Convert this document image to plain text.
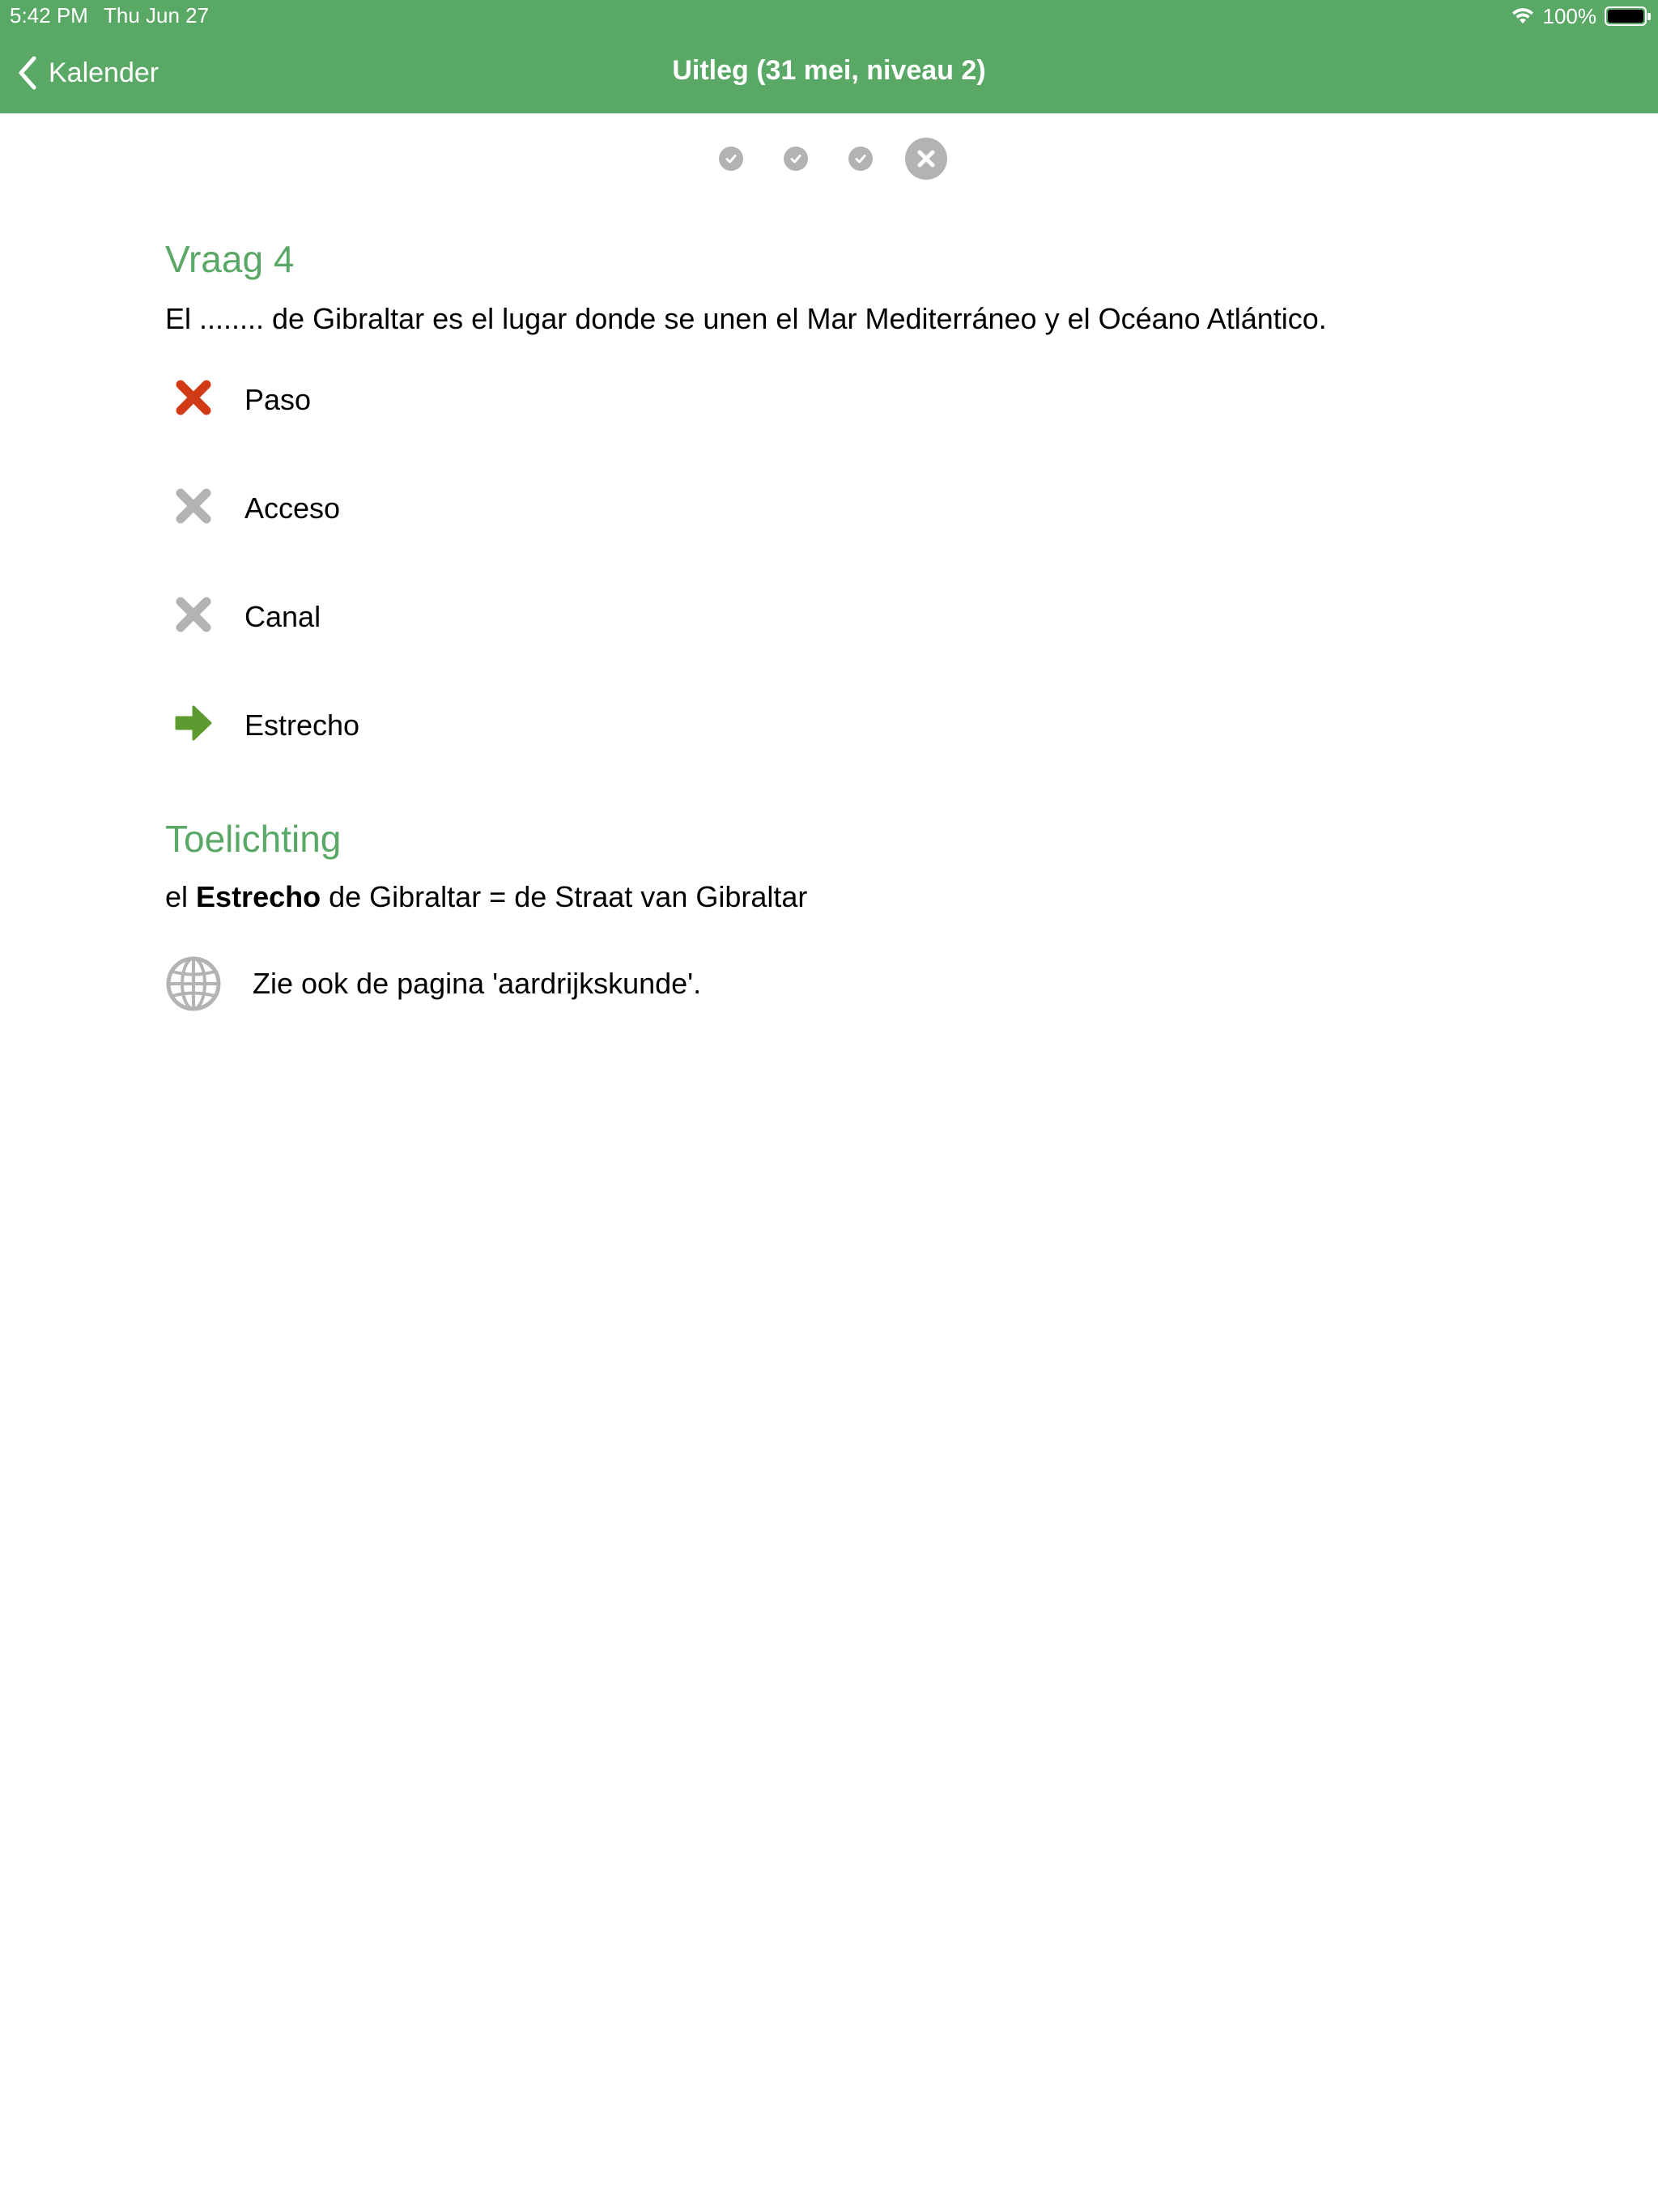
5:42 PM Thu Jun 27	100%
Kalender	Uitleg (31 mei, niveau 2)
Vraag 4

El ........ de Gibraltar es el lugar donde se unen el Mar Mediterráneo y el Océano Atlántico.

Paso
Acceso
Canal
Estrecho
Toelichting

el Estrecho de Gibraltar = de Straat van Gibraltar

Zie ook de pagina 'aardrijkskunde'.
